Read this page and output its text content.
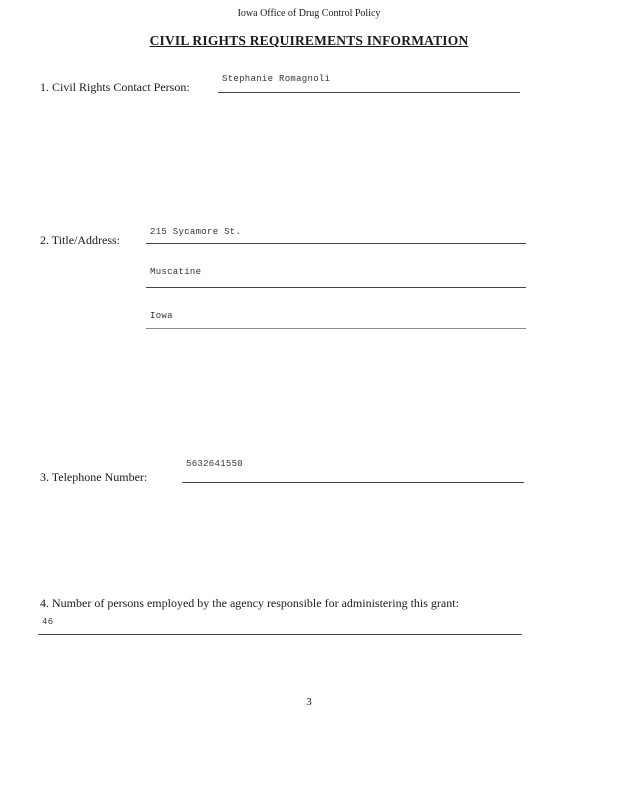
Iowa Office of Drug Control Policy
CIVIL RIGHTS REQUIREMENTS INFORMATION
1. Civil Rights Contact Person:
Stephanie Romagnoli
2. Title/Address:
215 Sycamore St.
Muscatine
Iowa
3. Telephone Number:
5632641550
4. Number of persons employed by the agency responsible for administering this grant:
46
3
